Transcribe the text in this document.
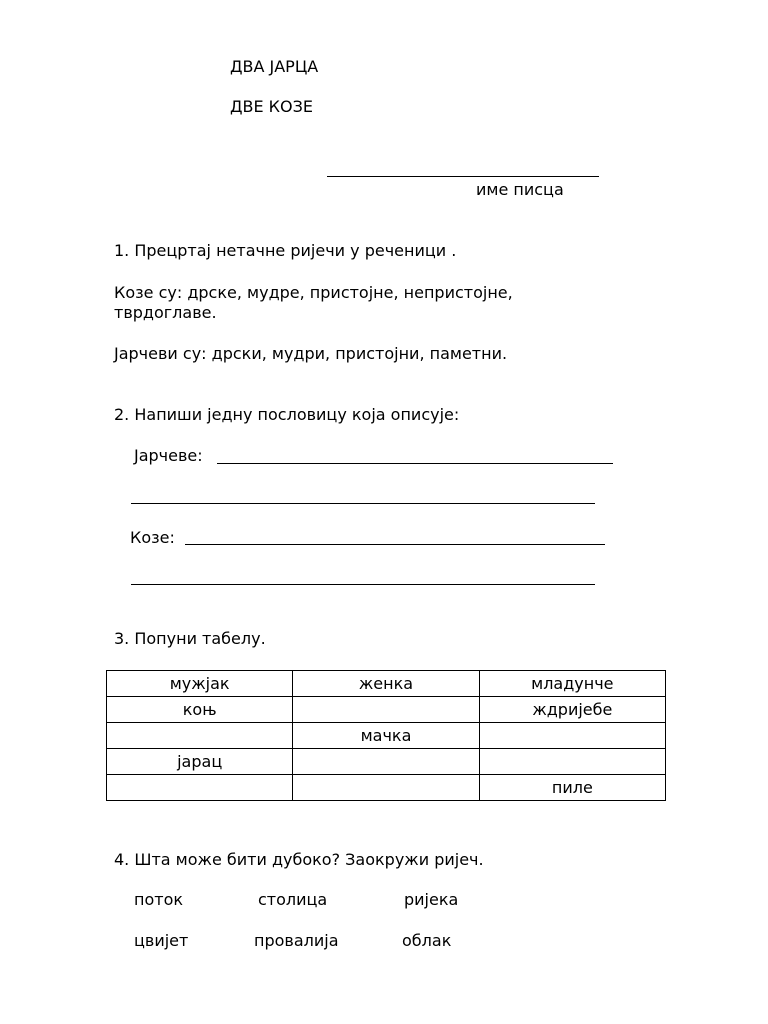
ДВА ЈАРЦА
ДВЕ КОЗЕ
име писца
1. Прецртај нетачне ријечи у реченици .
Козе су: дрске, мудре, пристојне, непристојне,
тврдоглаве.
Јарчеви су: дрски, мудри, пристојни, паметни.
2. Напиши једну пословицу која описује:
Јарчеве:
Козе:
3. Попуни табелу.
мужјак	женка	младунче
коњ		ждријебе
	мачка	
јарац		
		пиле
4. Шта може бити дубоко? Заокружи ријеч.
поток	столица	ријека
цвијет	провалија	облак
